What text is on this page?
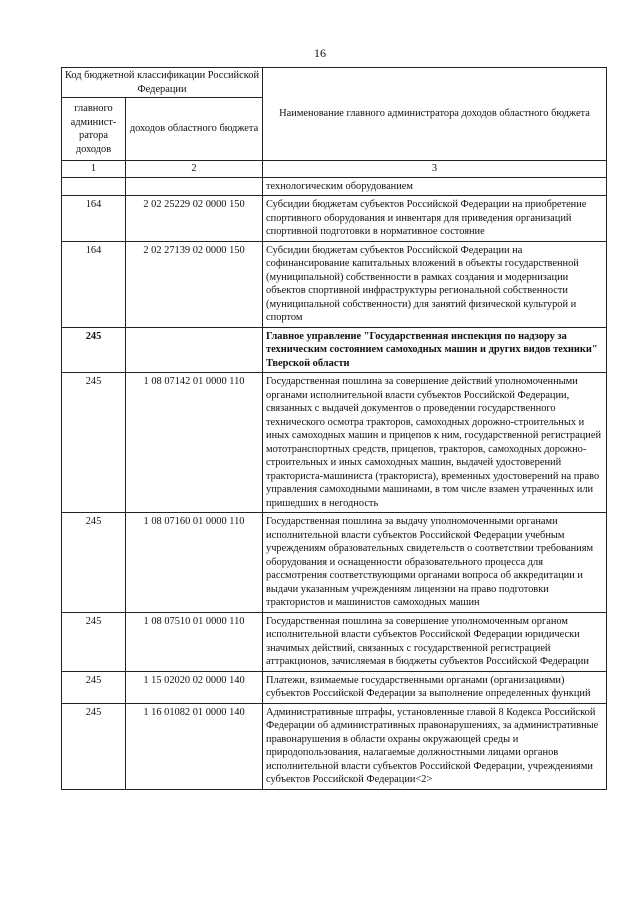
16
Код бюджетной классификации Российской Федерации		Наименование главного администратора доходов областного бюджета
главного админист-ратора доходов	доходов областного бюджета	
1	2	3
		технологическим оборудованием
164	2 02 25229 02 0000 150	Субсидии бюджетам субъектов Российской Федерации на приобретение спортивного оборудования и инвентаря для приведения организаций спортивной подготовки в нормативное состояние
164	2 02 27139 02 0000 150	Субсидии бюджетам субъектов Российской Федерации на софинансирование капитальных вложений в объекты государственной (муниципальной) собственности в рамках создания и модернизации объектов спортивной инфраструктуры региональной собственности (муниципальной собственности) для занятий физической культурой и спортом
245		Главное управление "Государственная инспекция по надзору за техническим состоянием самоходных машин и других видов техники" Тверской области
245	1 08 07142 01 0000 110	Государственная пошлина за совершение действий уполномоченными органами исполнительной власти субъектов Российской Федерации, связанных с выдачей документов о проведении государственного технического осмотра тракторов, самоходных дорожно-строительных и иных самоходных машин и прицепов к ним, государственной регистрацией мототранспортных средств, прицепов, тракторов, самоходных дорожно-строительных и иных самоходных машин, выдачей удостоверений тракториста-машиниста (тракториста), временных удостоверений на право управления самоходными машинами, в том числе взамен утраченных или пришедших в негодность
245	1 08 07160 01 0000 110	Государственная пошлина за выдачу уполномоченными органами исполнительной власти субъектов Российской Федерации учебным учреждениям образовательных свидетельств о соответствии требованиям оборудования и оснащенности образовательного процесса для рассмотрения соответствующими органами вопроса об аккредитации и выдачи указанным учреждениям лицензии на право подготовки трактористов и машинистов самоходных машин
245	1 08 07510 01 0000 110	Государственная пошлина за совершение уполномоченным органом исполнительной власти субъектов Российской Федерации юридически значимых действий, связанных с государственной регистрацией аттракционов, зачисляемая в бюджеты субъектов Российской Федерации
245	1 15 02020 02 0000 140	Платежи, взимаемые государственными органами (организациями) субъектов Российской Федерации за выполнение определенных функций
245	1 16 01082 01 0000 140	Административные штрафы, установленные главой 8 Кодекса Российской Федерации об административных правонарушениях, за административные правонарушения в области охраны окружающей среды и природопользования, налагаемые должностными лицами органов исполнительной власти субъектов Российской Федерации, учреждениями субъектов Российской Федерации<2>
